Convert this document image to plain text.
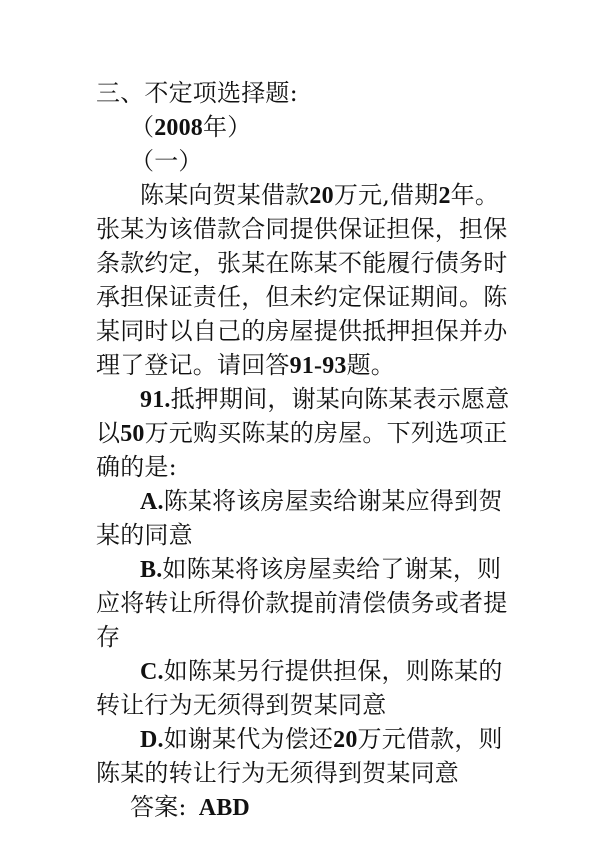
三、不定项选择题:
（2008年）
（一）
陈某向贺某借款20万元,借期2年。
张某为该借款合同提供保证担保，担保
条款约定，张某在陈某不能履行债务时
承担保证责任，但未约定保证期间。陈
某同时以自己的房屋提供抵押担保并办
理了登记。请回答91-93题。
91.抵押期间，谢某向陈某表示愿意
以50万元购买陈某的房屋。下列选项正
确的是:
A.陈某将该房屋卖给谢某应得到贺
某的同意
B.如陈某将该房屋卖给了谢某，则
应将转让所得价款提前清偿债务或者提
存
C.如陈某另行提供担保，则陈某的
转让行为无须得到贺某同意
D.如谢某代为偿还20万元借款，则
陈某的转让行为无须得到贺某同意
答案: ABD
